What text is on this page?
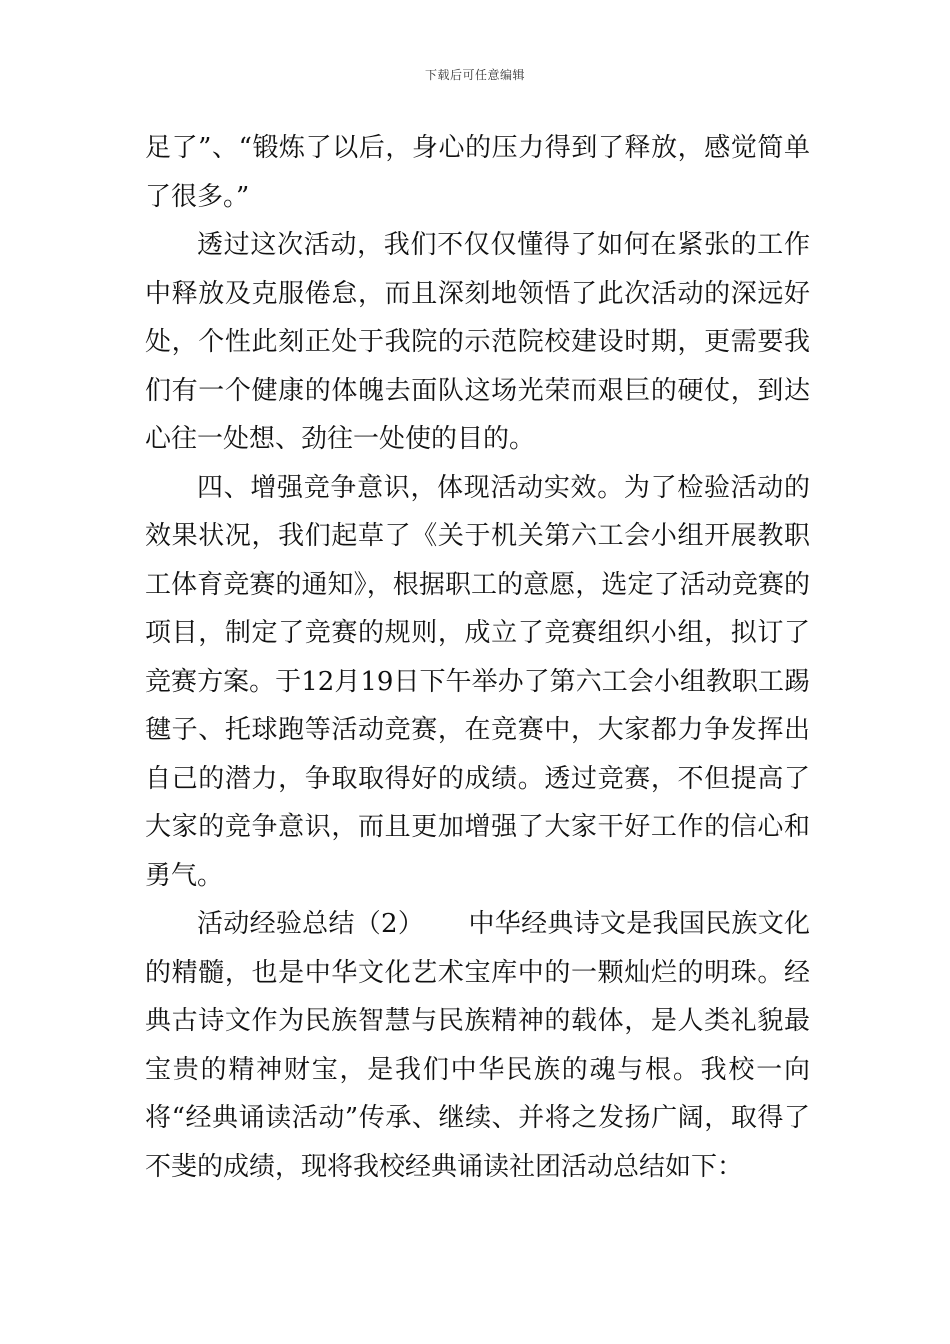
下载后可任意编辑

足了”、“锻炼了以后，身心的压力得到了释放，感觉简单了很多。”

透过这次活动，我们不仅仅懂得了如何在紧张的工作中释放及克服倦怠，而且深刻地领悟了此次活动的深远好处，个性此刻正处于我院的示范院校建设时期，更需要我们有一个健康的体魄去面队这场光荣而艰巨的硬仗，到达心往一处想、劲往一处使的目的。

四、增强竞争意识，体现活动实效。为了检验活动的效果状况，我们起草了《关于机关第六工会小组开展教职工体育竞赛的通知》，根据职工的意愿，选定了活动竞赛的项目，制定了竞赛的规则，成立了竞赛组织小组，拟订了竞赛方案。于12月19日下午举办了第六工会小组教职工踢毽子、托球跑等活动竞赛，在竞赛中，大家都力争发挥出自己的潜力，争取取得好的成绩。透过竞赛，不但提高了大家的竞争意识，而且更加增强了大家干好工作的信心和勇气。

活动经验总结（2） 中华经典诗文是我国民族文化的精髓，也是中华文化艺术宝库中的一颗灿烂的明珠。经典古诗文作为民族智慧与民族精神的载体，是人类礼貌最宝贵的精神财宝，是我们中华民族的魂与根。我校一向将“经典诵读活动”传承、继续、并将之发扬广阔，取得了不斐的成绩，现将我校经典诵读社团活动总结如下：
